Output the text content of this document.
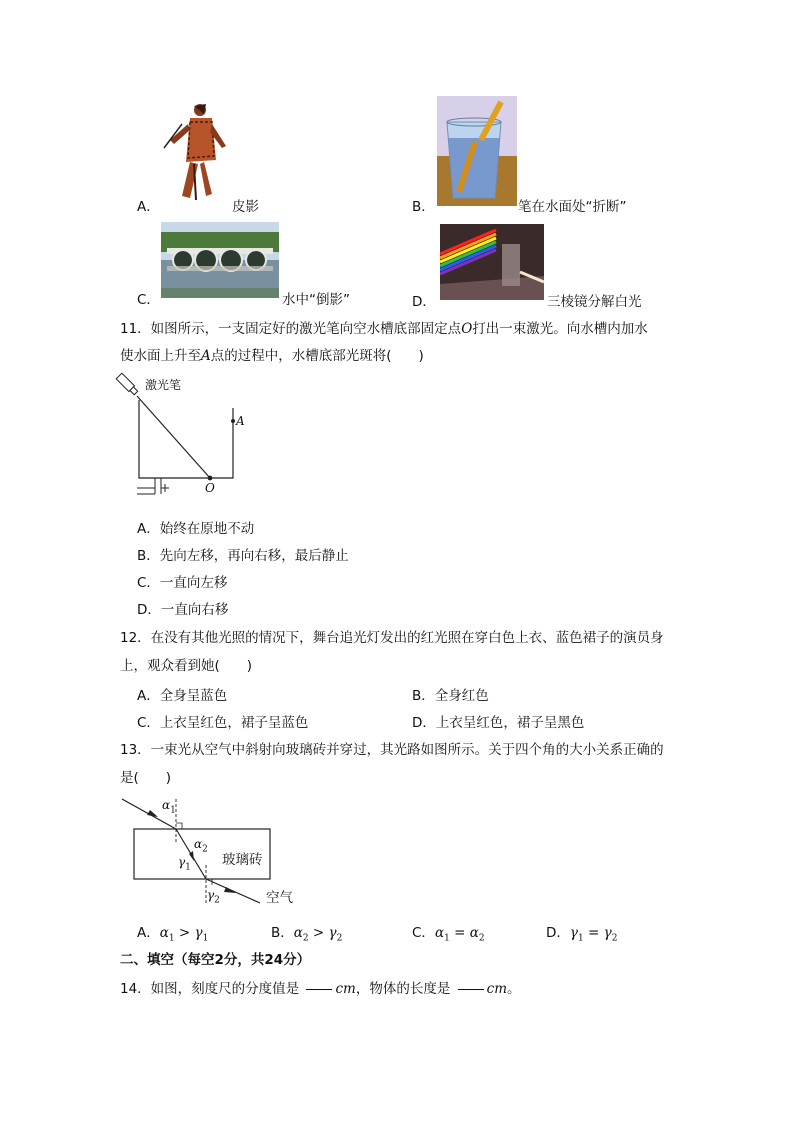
A．	皮影	B．	笔在水面处“折断”
C．	水中“倒影”	D．	三棱镜分解白光
11．如图所示，一支固定好的激光笔向空水槽底部固定点O打出一束激光。向水槽内加水
使水面上升至A点的过程中，水槽底部光斑将(　　)
激光笔
A
O
A．始终在原地不动
B．先向左移，再向右移，最后静止
C．一直向左移
D．一直向右移
12．在没有其他光照的情况下，舞台追光灯发出的红光照在穿白色上衣、蓝色裙子的演员身
上，观众看到她(　　)
A．全身呈蓝色	B．全身红色
C．上衣呈红色，裙子呈蓝色	D．上衣呈红色，裙子呈黑色
13．一束光从空气中斜射向玻璃砖并穿过，其光路如图所示。关于四个角的大小关系正确的
是(　　)
$\alpha_1$
$\alpha_2$
$\gamma_1$
$\gamma_2$
玻璃砖
空气
A．$\alpha_1 > \gamma_1$	B．$\alpha_2 > \gamma_2$	C．$\alpha_1 = \alpha_2$	D．$\gamma_1 = \gamma_2$
二、填空（每空2分，共24分）
14．如图，刻度尺的分度值是	cm，物体的长度是	cm。
